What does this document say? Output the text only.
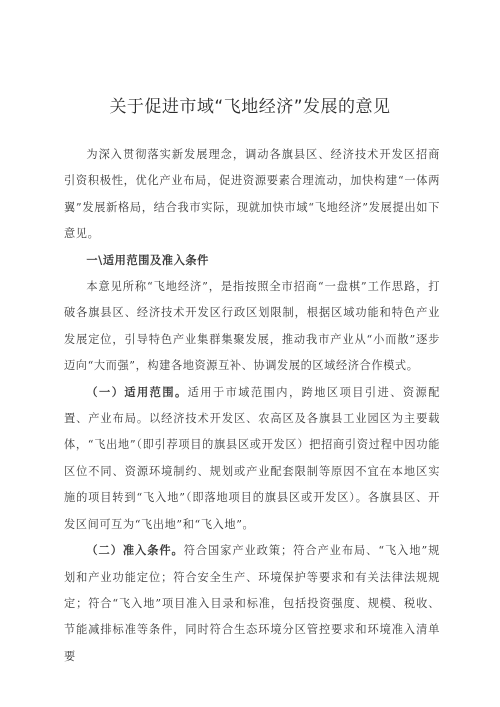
关于促进市域“飞地经济”发展的意见

为深入贯彻落实新发展理念，调动各旗县区、经济技术开发区招商引资积极性，优化产业布局，促进资源要素合理流动，加快构建“一体两翼”发展新格局，结合我市实际，现就加快市域“飞地经济”发展提出如下意见。

一\适用范围及准入条件

本意见所称“飞地经济”，是指按照全市招商“一盘棋”工作思路，打破各旗县区、经济技术开发区行政区划限制，根据区域功能和特色产业发展定位，引导特色产业集群集聚发展，推动我市产业从“小而散”逐步迈向“大而强”，构建各地资源互补、协调发展的区域经济合作模式。

（一）适用范围。适用于市域范围内，跨地区项目引进、资源配置、产业布局。以经济技术开发区、农高区及各旗县工业园区为主要载体，“飞出地”（即引荐项目的旗县区或开发区）把招商引资过程中因功能区位不同、资源环境制约、规划或产业配套限制等原因不宜在本地区实施的项目转到“飞入地”（即落地项目的旗县区或开发区）。各旗县区、开发区间可互为“飞出地”和“飞入地”。

（二）准入条件。符合国家产业政策；符合产业布局、“飞入地”规划和产业功能定位；符合安全生产、环境保护等要求和有关法律法规规定；符合“飞入地”项目准入目录和标准，包括投资强度、规模、税收、节能减排标准等条件，同时符合生态环境分区管控要求和环境准入清单要
